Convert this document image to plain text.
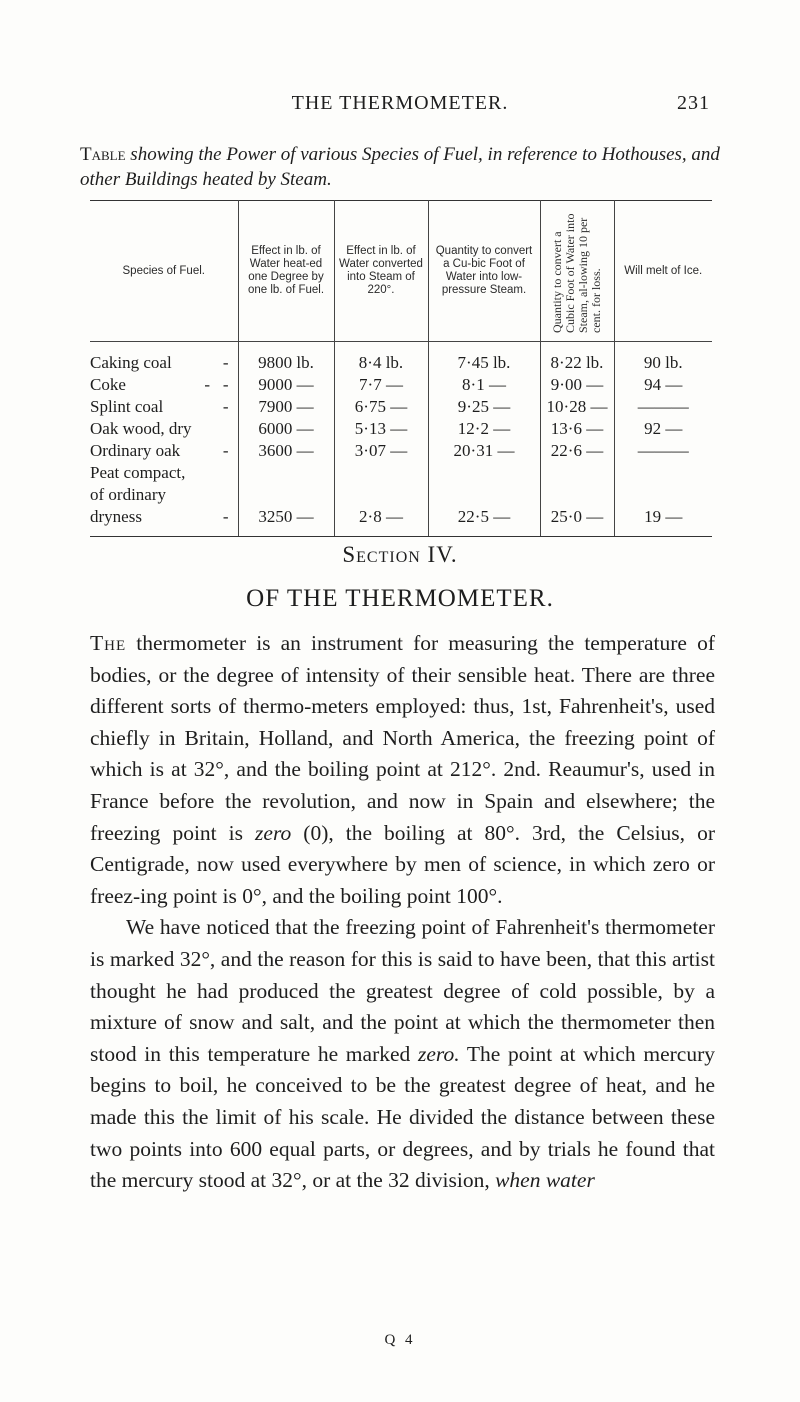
THE THERMOMETER.	231
Table showing the Power of various Species of Fuel, in reference to Hothouses, and other Buildings heated by Steam.
Species of Fuel.	Effect in lb. of Water heat-ed one Degree by one lb. of Fuel.	Effect in lb. of Water converted into Steam of 220°.	Quantity to convert a Cu-bic Foot of Water into low-pressure Steam.	Quantity to convert a Cubic Foot of Water into Steam, al-lowing 10 per cent. for loss.	Will melt of Ice.

Caking coal -	9800 lb.	8·4 lb.	7·45 lb.	8·22 lb.	90 lb.

Coke -   -	9000 —	7·7 —	8·1 —	9·00 —	94 —

Splint coal -	7900 —	6·75 —	9·25 —	10·28 —	———

Oak wood, dry	6000 —	5·13 —	12·2 —	13·6 —	92 —

Ordinary oak -	3600 —	3·07 —	20·31 —	22·6 —	———

Peat compact,					

of ordinary					

dryness -	3250 —	2·8 —	22·5 —	25·0 —	19 —
Section IV.
OF THE THERMOMETER.

The thermometer is an instrument for measuring the temperature of bodies, or the degree of intensity of their sensible heat. There are three different sorts of thermo-meters employed: thus, 1st, Fahrenheit's, used chiefly in Britain, Holland, and North America, the freezing point of which is at 32°, and the boiling point at 212°. 2nd. Reaumur's, used in France before the revolution, and now in Spain and elsewhere; the freezing point is zero (0), the boiling at 80°. 3rd, the Celsius, or Centigrade, now used everywhere by men of science, in which zero or freez-ing point is 0°, and the boiling point 100°.

We have noticed that the freezing point of Fahrenheit's thermometer is marked 32°, and the reason for this is said to have been, that this artist thought he had produced the greatest degree of cold possible, by a mixture of snow and salt, and the point at which the thermometer then stood in this temperature he marked zero. The point at which mercury begins to boil, he conceived to be the greatest degree of heat, and he made this the limit of his scale. He divided the distance between these two points into 600 equal parts, or degrees, and by trials he found that the mercury stood at 32°, or at the 32 division, when water

Q 4
